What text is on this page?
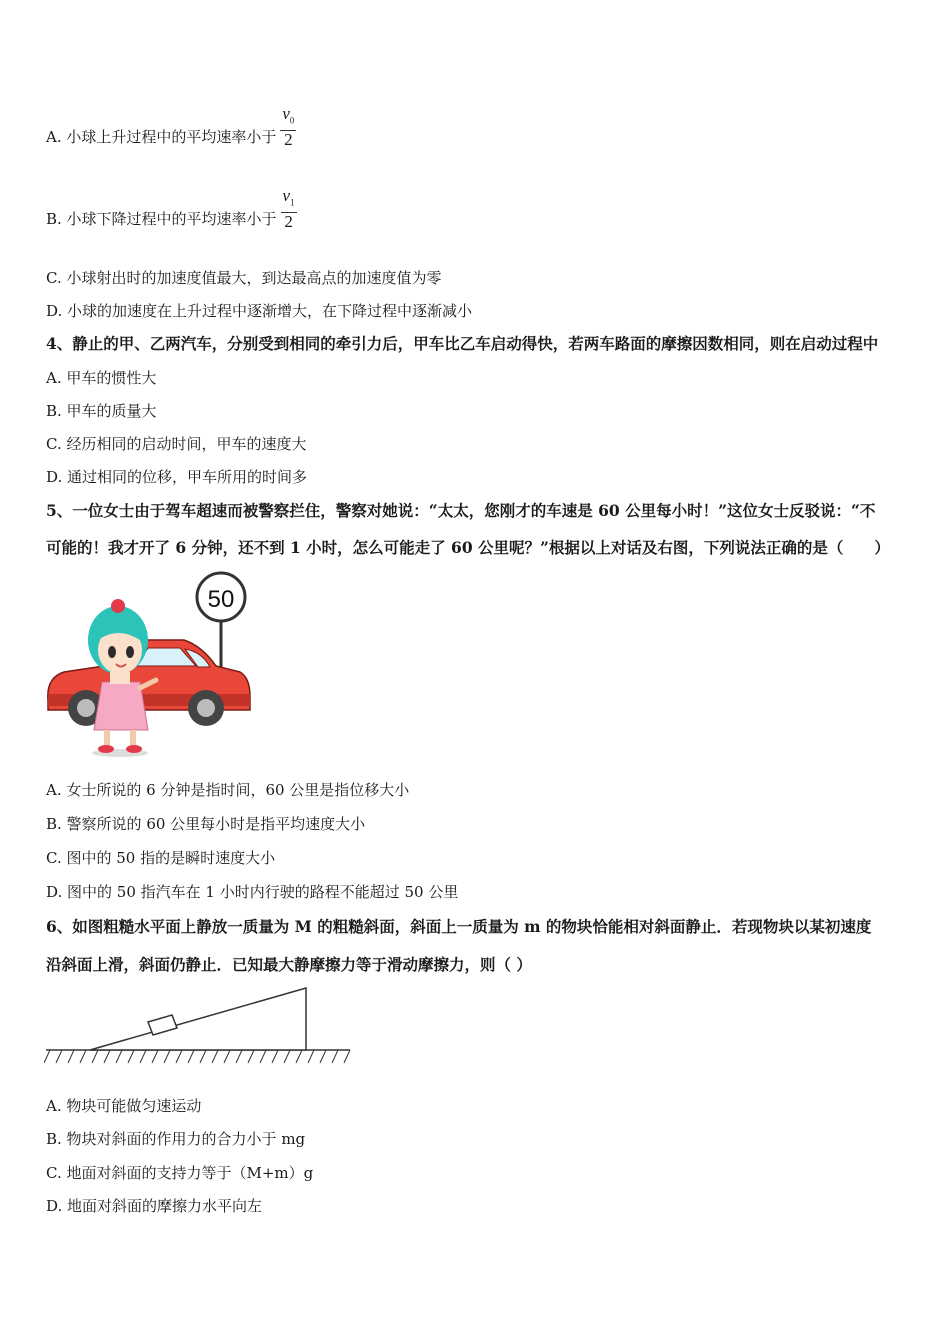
A. 小球上升过程中的平均速率小于 $\frac{v_0}{2}$
B. 小球下降过程中的平均速率小于 $\frac{v_1}{2}$
C. 小球射出时的加速度值最大，到达最高点的加速度值为零
D. 小球的加速度在上升过程中逐渐增大，在下降过程中逐渐减小
4、静止的甲、乙两汽车，分别受到相同的牵引力后，甲车比乙车启动得快，若两车路面的摩擦因数相同，则在启动过程中
A. 甲车的惯性大
B. 甲车的质量大
C. 经历相同的启动时间，甲车的速度大
D. 通过相同的位移，甲车所用的时间多
5、一位女士由于驾车超速而被警察拦住，警察对她说：“太太，您刚才的车速是 60 公里每小时！”这位女士反驳说：“不
可能的！我才开了 6 分钟，还不到 1 小时，怎么可能走了 60 公里呢？”根据以上对话及右图，下列说法正确的是（　　）
50
A. 女士所说的 6 分钟是指时间，60 公里是指位移大小
B. 警察所说的 60 公里每小时是指平均速度大小
C. 图中的 50 指的是瞬时速度大小
D. 图中的 50 指汽车在 1 小时内行驶的路程不能超过 50 公里
6、如图粗糙水平面上静放一质量为 M 的粗糙斜面，斜面上一质量为 m 的物块恰能相对斜面静止．若现物块以某初速度
沿斜面上滑，斜面仍静止．已知最大静摩擦力等于滑动摩擦力，则（ ）
A. 物块可能做匀速运动
B. 物块对斜面的作用力的合力小于 mg
C. 地面对斜面的支持力等于（M+m）g
D. 地面对斜面的摩擦力水平向左
